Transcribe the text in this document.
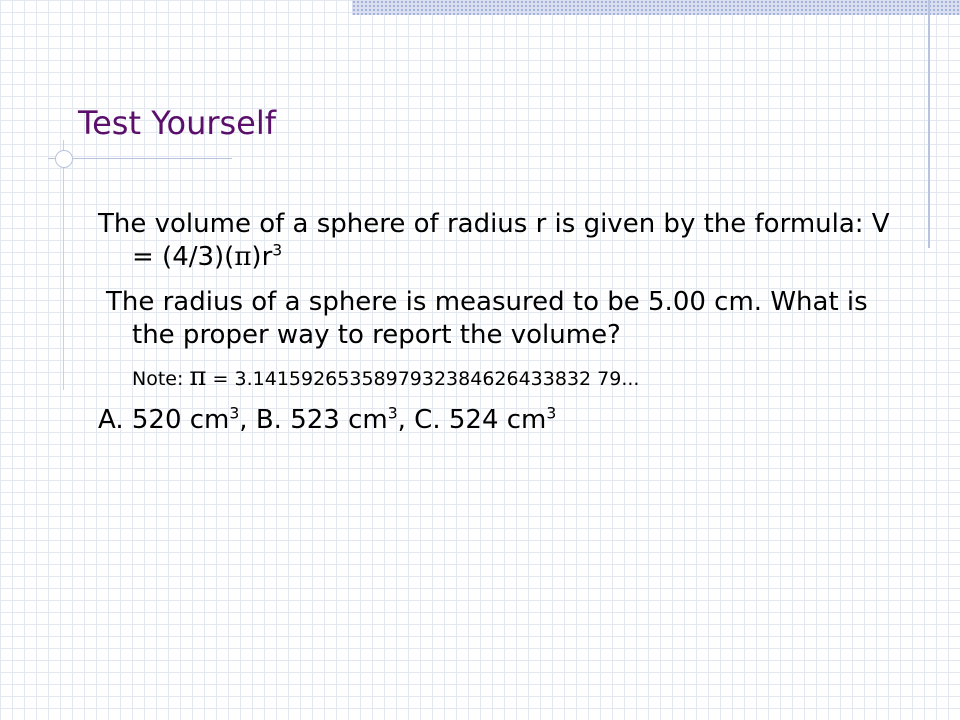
Test Yourself

The volume of a sphere of radius r is given by the formula: $V = (4/3)(\pi)r^3$

The radius of a sphere is measured to be 5.00 cm. What is the proper way to report the volume?

Note: π = 3.1415926535897932384626433832 79...

A. 520 $cm^3$, B. 523 $cm^3$, C. 524 $cm^3$
